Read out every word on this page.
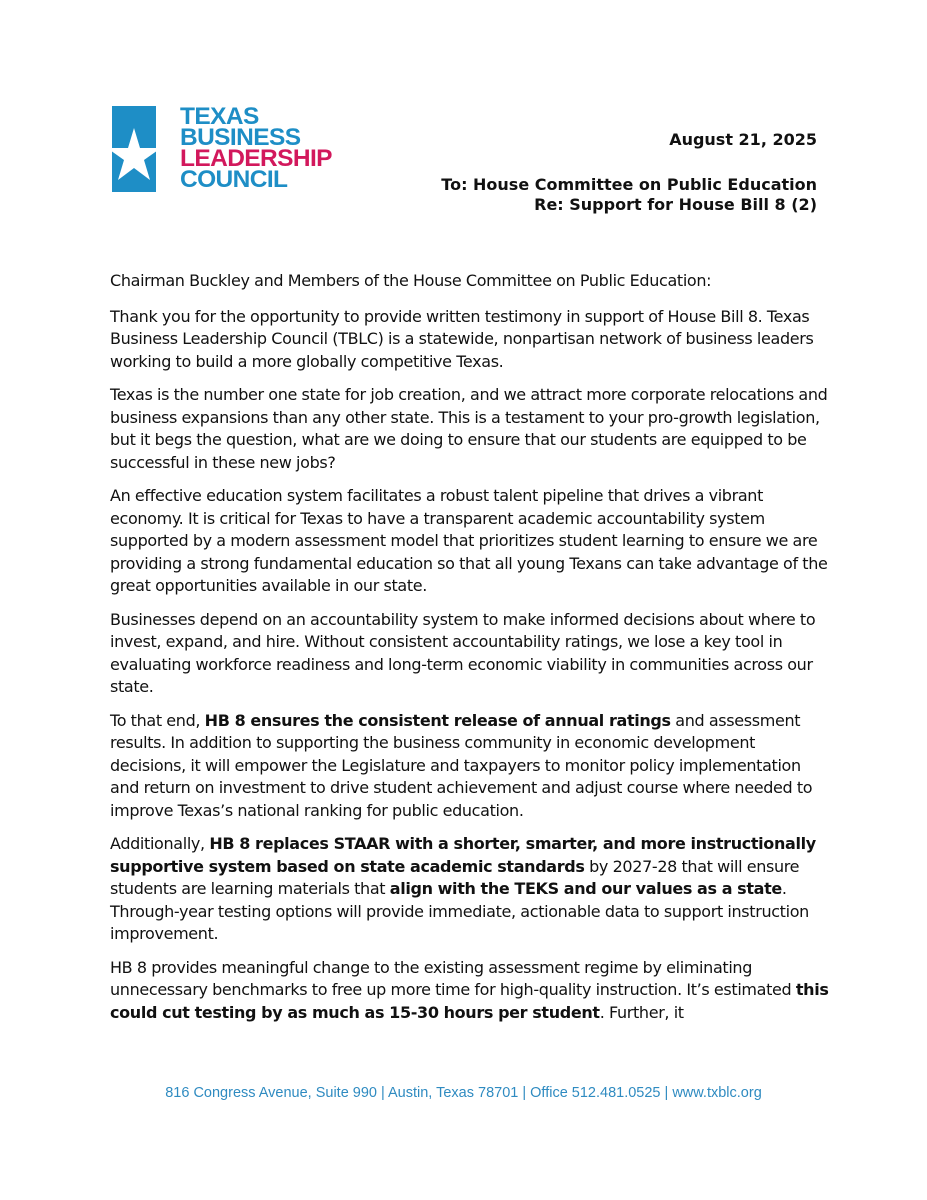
TEXAS
BUSINESS
LEADERSHIP
COUNCIL
August 21, 2025
To: House Committee on Public Education
Re: Support for House Bill 8 (2)

Chairman Buckley and Members of the House Committee on Public Education:

Thank you for the opportunity to provide written testimony in support of House Bill 8. Texas Business Leadership Council (TBLC) is a statewide, nonpartisan network of business leaders working to build a more globally competitive Texas.

Texas is the number one state for job creation, and we attract more corporate relocations and business expansions than any other state. This is a testament to your pro-growth legislation, but it begs the question, what are we doing to ensure that our students are equipped to be successful in these new jobs?

An effective education system facilitates a robust talent pipeline that drives a vibrant economy. It is critical for Texas to have a transparent academic accountability system supported by a modern assessment model that prioritizes student learning to ensure we are providing a strong fundamental education so that all young Texans can take advantage of the great opportunities available in our state.

Businesses depend on an accountability system to make informed decisions about where to invest, expand, and hire. Without consistent accountability ratings, we lose a key tool in evaluating workforce readiness and long-term economic viability in communities across our state.

To that end, HB 8 ensures the consistent release of annual ratings and assessment results. In addition to supporting the business community in economic development decisions, it will empower the Legislature and taxpayers to monitor policy implementation and return on investment to drive student achievement and adjust course where needed to improve Texas’s national ranking for public education.

Additionally, HB 8 replaces STAAR with a shorter, smarter, and more instructionally supportive system based on state academic standards by 2027-28 that will ensure students are learning materials that align with the TEKS and our values as a state. Through-year testing options will provide immediate, actionable data to support instruction improvement.

HB 8 provides meaningful change to the existing assessment regime by eliminating unnecessary benchmarks to free up more time for high-quality instruction. It’s estimated this could cut testing by as much as 15-30 hours per student. Further, it

816 Congress Avenue, Suite 990 | Austin, Texas 78701 | Office 512.481.0525 | www.txblc.org
